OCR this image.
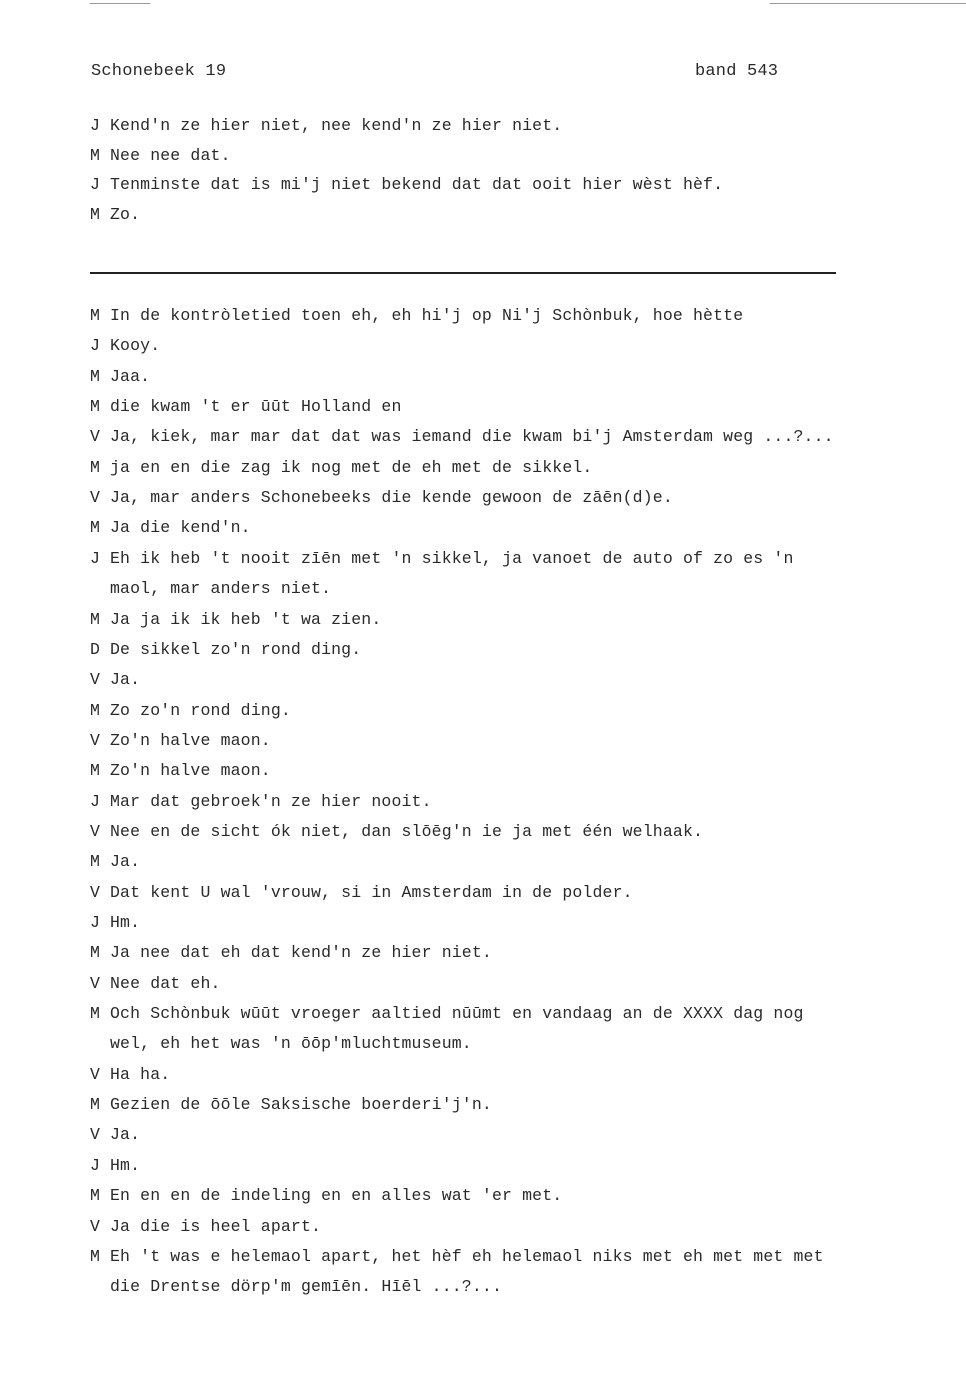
Schonebeek 19	band 543
J Kend'n ze hier niet, nee kend'n ze hier niet.
M Nee nee dat.
J Tenminste dat is mi'j niet bekend dat dat ooit hier wèst hèf.
M Zo.
M In de kontròletied toen eh, eh hi'j op Ni'j Schònbuk, hoe hètte
J Kooy.
M Jaa.
M die kwam 't er ūūt Holland en
V Ja, kiek, mar mar dat dat was iemand die kwam bi'j Amsterdam weg ...?...
M ja en en die zag ik nog met de eh met de sikkel.
V Ja, mar anders Schonebeeks die kende gewoon de zāēn(d)e.
M Ja die kend'n.
J Eh ik heb 't nooit zīēn met 'n sikkel, ja vanoet de auto of zo es 'n
maol, mar anders niet.
M Ja ja ik ik heb 't wa zien.
D De sikkel zo'n rond ding.
V Ja.
M Zo zo'n rond ding.
V Zo'n halve maon.
M Zo'n halve maon.
J Mar dat gebroek'n ze hier nooit.
V Nee en de sicht ók niet, dan slōēg'n ie ja met één welhaak.
M Ja.
V Dat kent U wal 'vrouw, si in Amsterdam in de polder.
J Hm.
M Ja nee dat eh dat kend'n ze hier niet.
V Nee dat eh.
M Och Schònbuk wūūt vroeger aaltied nūūmt en vandaag an de XXXX dag nog
wel, eh het was 'n ōōp'mluchtmuseum.
V Ha ha.
M Gezien de ōōle Saksische boerderi'j'n.
V Ja.
J Hm.
M En en en de indeling en en alles wat 'er met.
V Ja die is heel apart.
M Eh 't was e helemaol apart, het hèf eh helemaol niks met eh met met met
die Drentse dörp'm gemīēn. Hīēl ...?...
